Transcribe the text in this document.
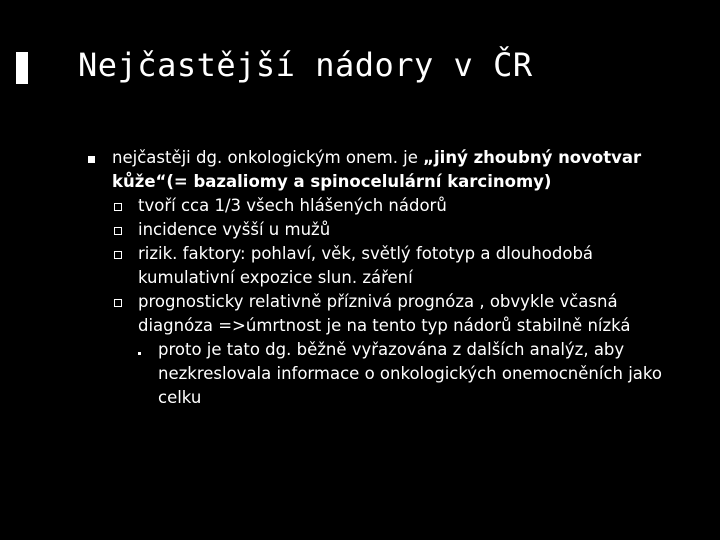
Nejčastější nádory v ČR
nejčastěji dg. onkologickým onem. je „jiný zhoubný novotvar kůže“(= bazaliomy a spinocelulární karcinomy)
tvoří cca 1/3 všech hlášených nádorů
incidence vyšší u mužů
rizik. faktory: pohlaví, věk, světlý fototyp a dlouhodobá kumulativní expozice slun. záření
prognosticky relativně příznivá prognóza , obvykle včasná diagnóza =>úmrtnost je na tento typ nádorů stabilně nízká
proto je tato dg. běžně vyřazována z dalších analýz, aby nezkreslovala informace o onkologických onemocněních jako celku
